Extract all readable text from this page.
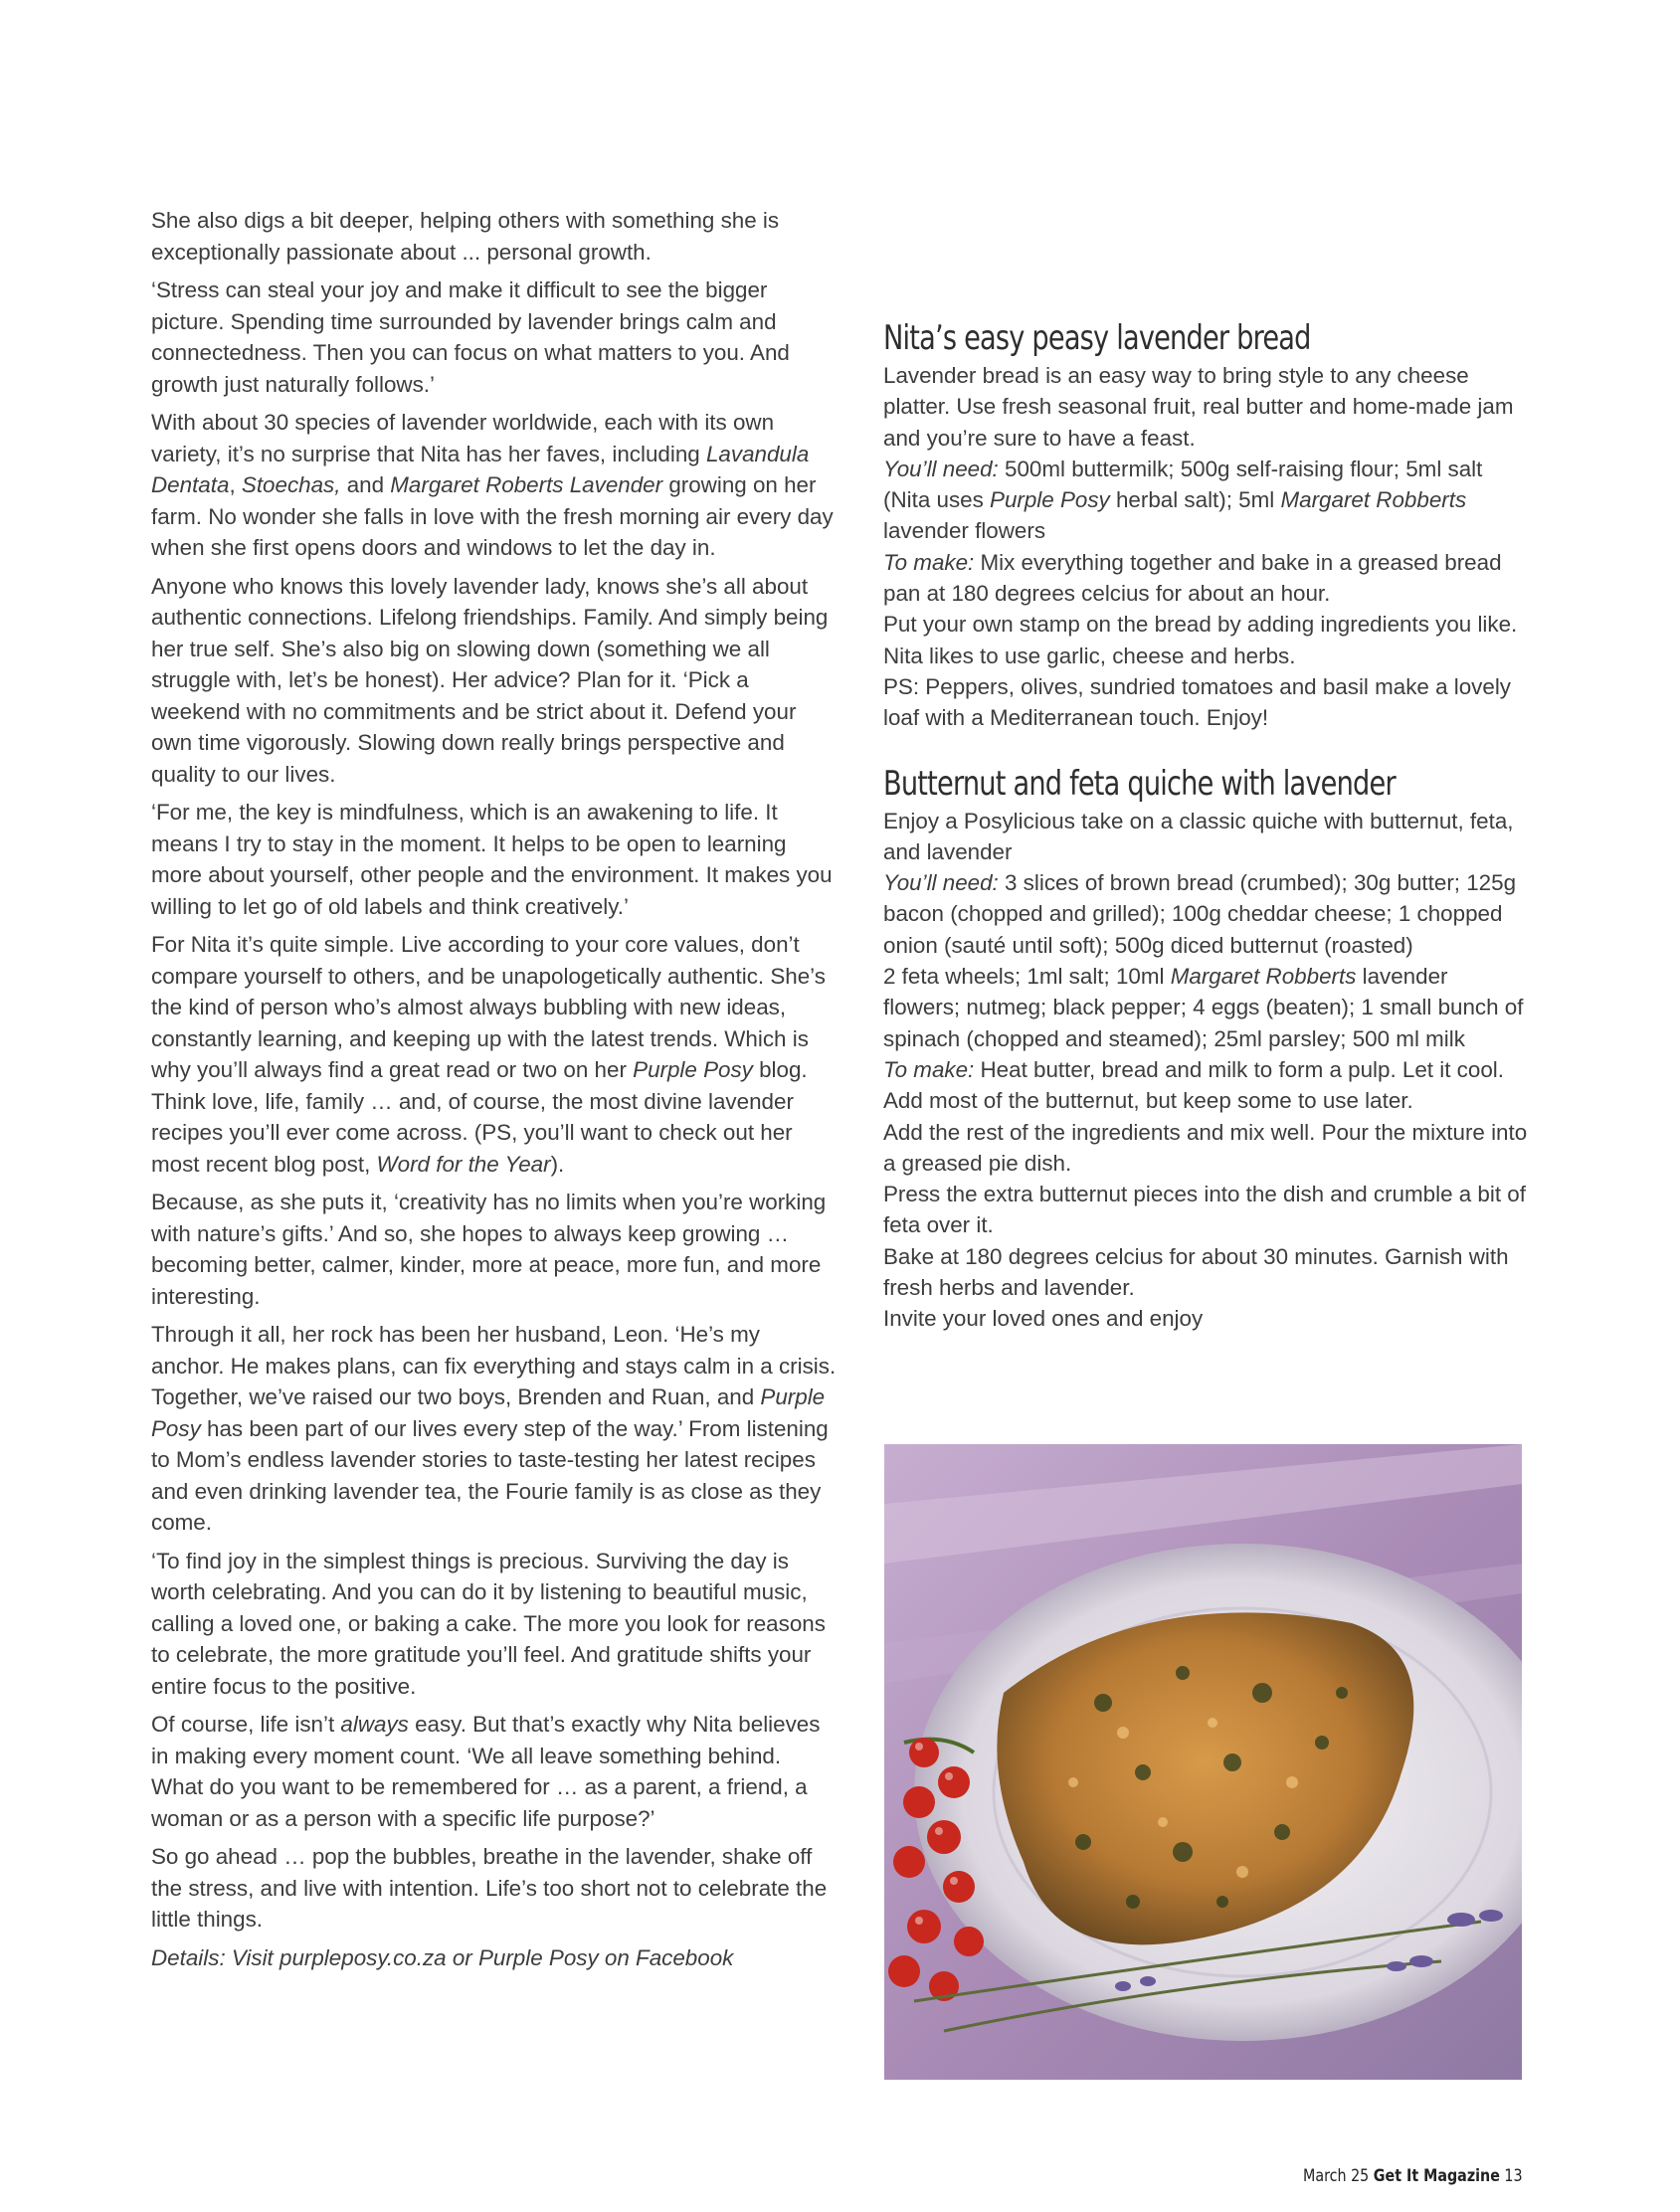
She also digs a bit deeper, helping others with something she is exceptionally passionate about ... personal growth.

‘Stress can steal your joy and make it difficult to see the bigger picture. Spending time surrounded by lavender brings calm and connectedness. Then you can focus on what matters to you. And growth just naturally follows.’

With about 30 species of lavender worldwide, each with its own variety, it’s no surprise that Nita has her faves, including Lavandula Dentata, Stoechas, and Margaret Roberts Lavender growing on her farm. No wonder she falls in love with the fresh morning air every day when she first opens doors and windows to let the day in.

Anyone who knows this lovely lavender lady, knows she’s all about authentic connections. Lifelong friendships. Family. And simply being her true self. She’s also big on slowing down (something we all struggle with, let’s be honest). Her advice? Plan for it. ‘Pick a weekend with no commitments and be strict about it. Defend your own time vigorously. Slowing down really brings perspective and quality to our lives.

‘For me, the key is mindfulness, which is an awakening to life. It means I try to stay in the moment. It helps to be open to learning more about yourself, other people and the environment. It makes you willing to let go of old labels and think creatively.’

For Nita it’s quite simple. Live according to your core values, don’t compare yourself to others, and be unapologetically authentic. She’s the kind of person who’s almost always bubbling with new ideas, constantly learning, and keeping up with the latest trends. Which is why you’ll always find a great read or two on her Purple Posy blog. Think love, life, family … and, of course, the most divine lavender recipes you’ll ever come across. (PS, you’ll want to check out her most recent blog post, Word for the Year).

Because, as she puts it, ‘creativity has no limits when you’re working with nature’s gifts.’ And so, she hopes to always keep growing … becoming better, calmer, kinder, more at peace, more fun, and more interesting.

Through it all, her rock has been her husband, Leon. ‘He’s my anchor. He makes plans, can fix everything and stays calm in a crisis. Together, we’ve raised our two boys, Brenden and Ruan, and Purple Posy has been part of our lives every step of the way.’ From listening to Mom’s endless lavender stories to taste-testing her latest recipes and even drinking lavender tea, the Fourie family is as close as they come.

‘To find joy in the simplest things is precious. Surviving the day is worth celebrating. And you can do it by listening to beautiful music, calling a loved one, or baking a cake. The more you look for reasons to celebrate, the more gratitude you’ll feel. And gratitude shifts your entire focus to the positive.

Of course, life isn’t always easy. But that’s exactly why Nita believes in making every moment count. ‘We all leave something behind. What do you want to be remembered for … as a parent, a friend, a woman or as a person with a specific life purpose?’

So go ahead … pop the bubbles, breathe in the lavender, shake off the stress, and live with intention. Life’s too short not to celebrate the little things.

Details: Visit purpleposy.co.za or Purple Posy on Facebook

Nita’s easy peasy lavender bread
Lavender bread is an easy way to bring style to any cheese platter. Use fresh seasonal fruit, real butter and home-made jam and you’re sure to have a feast.
You’ll need: 500ml buttermilk; 500g self-raising flour; 5ml salt (Nita uses Purple Posy herbal salt); 5ml Margaret Robberts lavender flowers
To make: Mix everything together and bake in a greased bread pan at 180 degrees celcius for about an hour.
Put your own stamp on the bread by adding ingredients you like. Nita likes to use garlic, cheese and herbs.
PS: Peppers, olives, sundried tomatoes and basil make a lovely loaf with a Mediterranean touch. Enjoy!
Butternut and feta quiche with lavender
Enjoy a Posylicious take on a classic quiche with butternut, feta, and lavender
You’ll need: 3 slices of brown bread (crumbed); 30g butter; 125g bacon (chopped and grilled); 100g cheddar cheese; 1 chopped onion (sauté until soft); 500g diced butternut (roasted)
2 feta wheels; 1ml salt; 10ml Margaret Robberts lavender flowers; nutmeg; black pepper; 4 eggs (beaten); 1 small bunch of spinach (chopped and steamed); 25ml parsley; 500 ml milk
To make: Heat butter, bread and milk to form a pulp. Let it cool. Add most of the butternut, but keep some to use later.
Add the rest of the ingredients and mix well. Pour the mixture into a greased pie dish.
Press the extra butternut pieces into the dish and crumble a bit of feta over it.
Bake at 180 degrees celcius for about 30 minutes. Garnish with fresh herbs and lavender.
Invite your loved ones and enjoy
March 25 Get It Magazine 13
